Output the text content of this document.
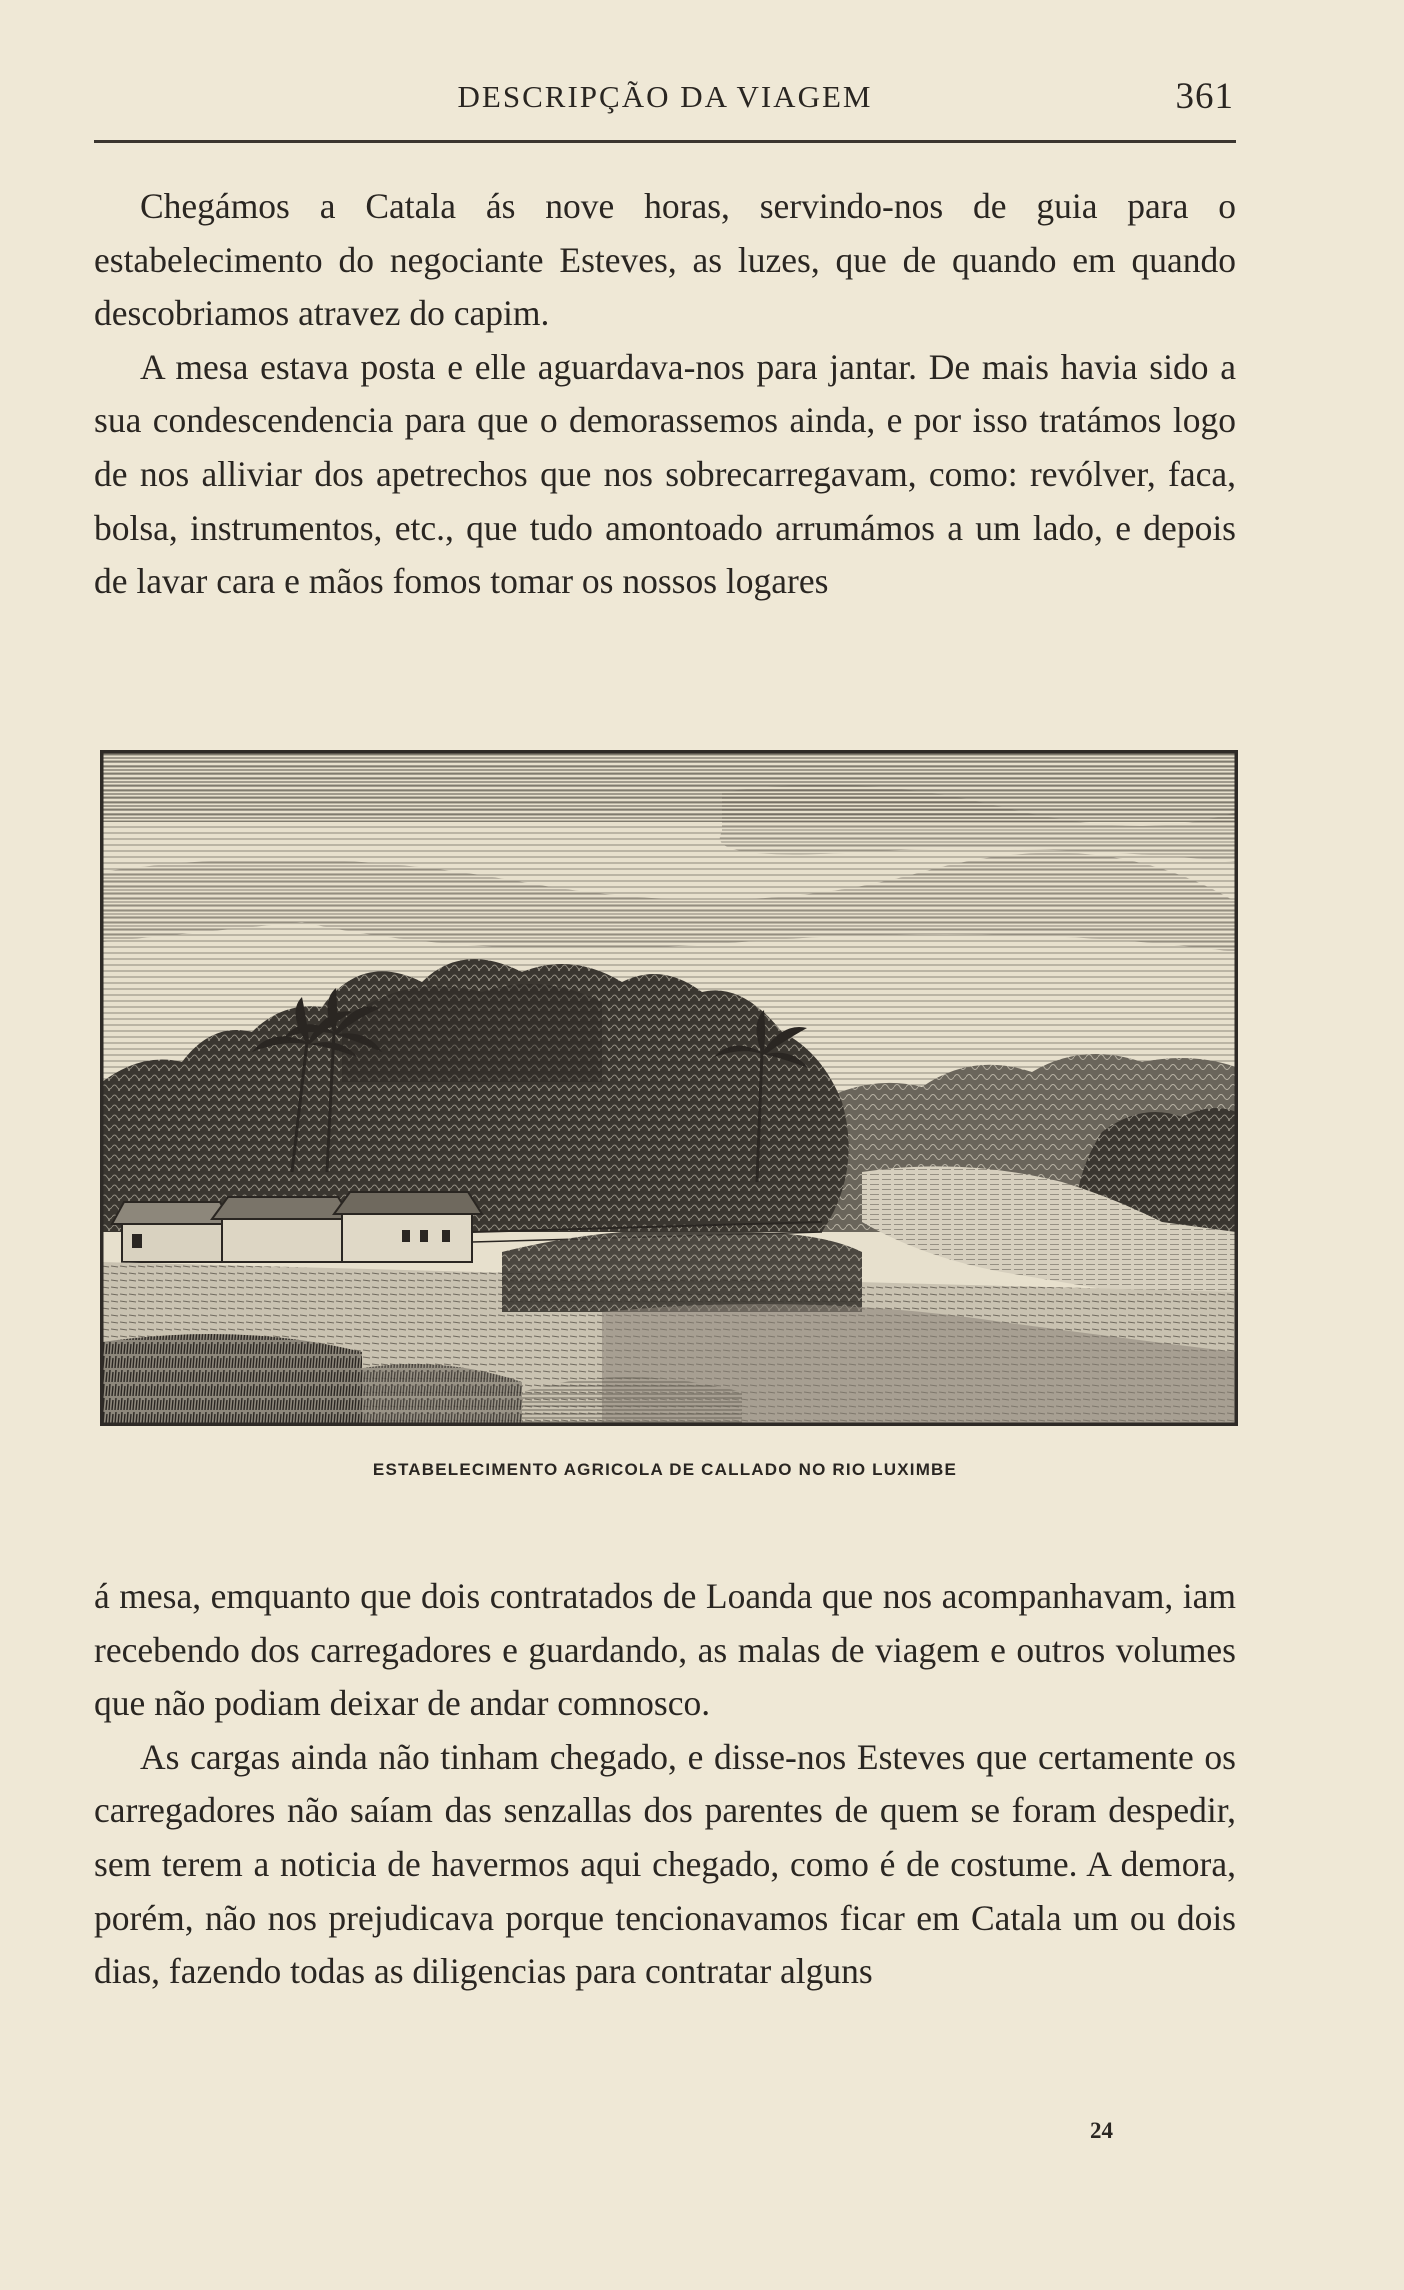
DESCRIPÇÃO DA VIAGEM	361

Chegámos a Catala ás nove horas, servindo-nos de guia para o estabelecimento do negociante Esteves, as luzes, que de quando em quando descobriamos atravez do capim.

A mesa estava posta e elle aguardava-nos para jantar. De mais havia sido a sua condescendencia para que o demorassemos ainda, e por isso tratámos logo de nos alliviar dos apetrechos que nos sobrecarregavam, como: revólver, faca, bolsa, instrumentos, etc., que tudo amontoado arrumámos a um lado, e depois de lavar cara e mãos fomos tomar os nossos logares

ESTABELECIMENTO AGRICOLA DE CALLADO NO RIO LUXIMBE

á mesa, emquanto que dois contratados de Loanda que nos acompanhavam, iam recebendo dos carregadores e guardando, as malas de viagem e outros volumes que não podiam deixar de andar comnosco.

As cargas ainda não tinham chegado, e disse-nos Esteves que certamente os carregadores não saíam das senzallas dos parentes de quem se foram despedir, sem terem a noticia de havermos aqui chegado, como é de costume. A demora, porém, não nos prejudicava porque tencionavamos ficar em Catala um ou dois dias, fazendo todas as diligencias para contratar alguns

24
